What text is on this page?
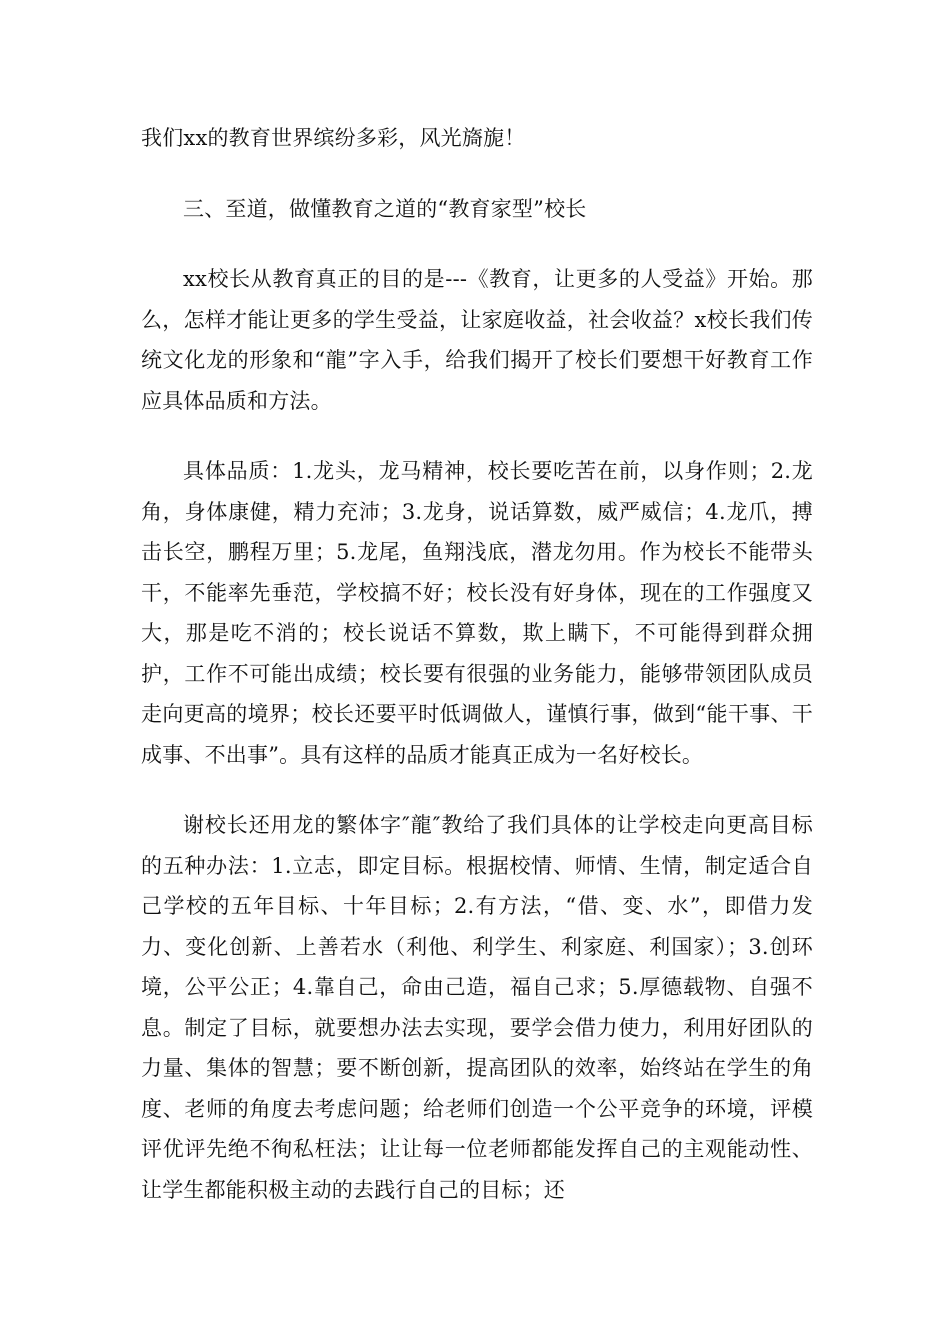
我们xx的教育世界缤纷多彩，风光旖旎！

三、至道，做懂教育之道的“教育家型”校长

xx校长从教育真正的目的是---《教育，让更多的人受益》开始。那么，怎样才能让更多的学生受益，让家庭收益，社会收益？x校长我们传统文化龙的形象和“龍”字入手，给我们揭开了校长们要想干好教育工作应具体品质和方法。

具体品质：1.龙头，龙马精神，校长要吃苦在前，以身作则；2.龙角，身体康健，精力充沛；3.龙身，说话算数，威严威信；4.龙爪，搏击长空，鹏程万里；5.龙尾，鱼翔浅底，潜龙勿用。作为校长不能带头干，不能率先垂范，学校搞不好；校长没有好身体，现在的工作强度又大，那是吃不消的；校长说话不算数，欺上瞒下，不可能得到群众拥护，工作不可能出成绩；校长要有很强的业务能力，能够带领团队成员走向更高的境界；校长还要平时低调做人，谨慎行事，做到“能干事、干成事、不出事”。具有这样的品质才能真正成为一名好校长。

谢校长还用龙的繁体字″龍″教给了我们具体的让学校走向更高目标的五种办法：1.立志，即定目标。根据校情、师情、生情，制定适合自己学校的五年目标、十年目标；2.有方法，“借、变、水”，即借力发力、变化创新、上善若水（利他、利学生、利家庭、利国家）；3.创环境，公平公正；4.靠自己，命由己造，福自己求；5.厚德载物、自强不息。制定了目标，就要想办法去实现，要学会借力使力，利用好团队的力量、集体的智慧；要不断创新，提高团队的效率，始终站在学生的角度、老师的角度去考虑问题；给老师们创造一个公平竞争的环境，评模评优评先绝不徇私枉法；让让每一位老师都能发挥自己的主观能动性、让学生都能积极主动的去践行自己的目标；还
